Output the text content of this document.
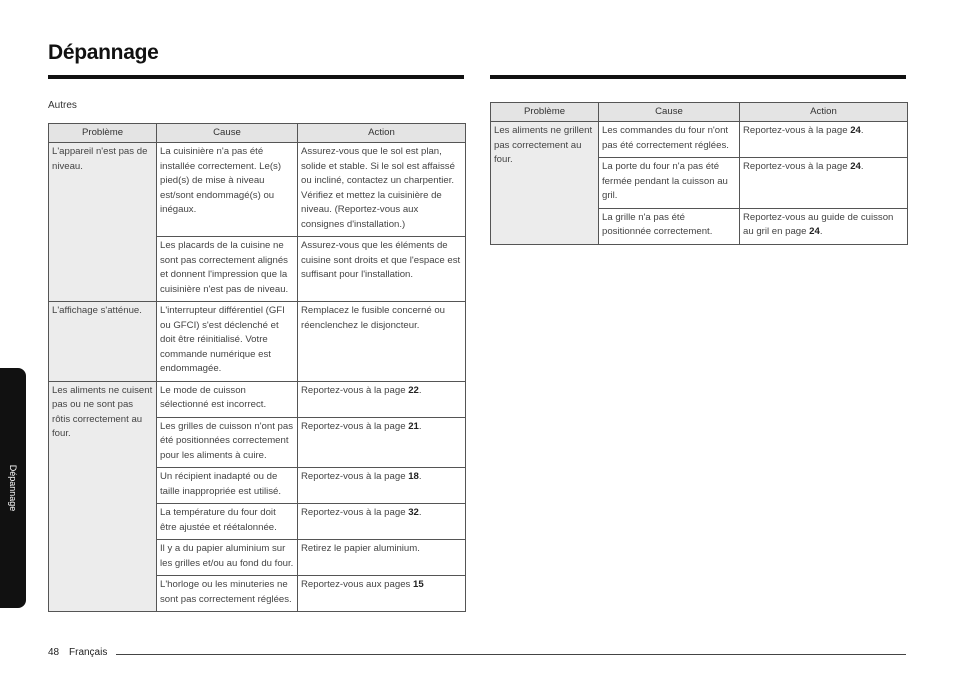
Dépannage
Autres
Problème	Cause	Action
L'appareil n'est pas de niveau.	La cuisinière n'a pas été installée correctement. Le(s) pied(s) de mise à niveau est/sont endommagé(s) ou inégaux.	Assurez-vous que le sol est plan, solide et stable. Si le sol est affaissé ou incliné, contactez un charpentier. Vérifiez et mettez la cuisinière de niveau. (Reportez-vous aux consignes d'installation.)
	Les placards de la cuisine ne sont pas correctement alignés et donnent l'impression que la cuisinière n'est pas de niveau.	Assurez-vous que les éléments de cuisine sont droits et que l'espace est suffisant pour l'installation.
L'affichage s'atténue.	L'interrupteur différentiel (GFI ou GFCI) s'est déclenché et doit être réinitialisé. Votre commande numérique est endommagée.	Remplacez le fusible concerné ou réenclenchez le disjoncteur.
Les aliments ne cuisent pas ou ne sont pas rôtis correctement au four.	Le mode de cuisson sélectionné est incorrect.	Reportez-vous à la page 22.
	Les grilles de cuisson n'ont pas été positionnées correctement pour les aliments à cuire.	Reportez-vous à la page 21.
	Un récipient inadapté ou de taille inappropriée est utilisé.	Reportez-vous à la page 18.
	La température du four doit être ajustée et réétalonnée.	Reportez-vous à la page 32.
	Il y a du papier aluminium sur les grilles et/ou au fond du four.	Retirez le papier aluminium.
	L'horloge ou les minuteries ne sont pas correctement réglées.	Reportez-vous aux pages 15
Problème	Cause	Action
Les aliments ne grillent pas correctement au four.	Les commandes du four n'ont pas été correctement réglées.	Reportez-vous à la page 24.
	La porte du four n'a pas été fermée pendant la cuisson au gril.	Reportez-vous à la page 24.
	La grille n'a pas été positionnée correctement.	Reportez-vous au guide de cuisson au gril en page 24.
Dépannage
48 Français
